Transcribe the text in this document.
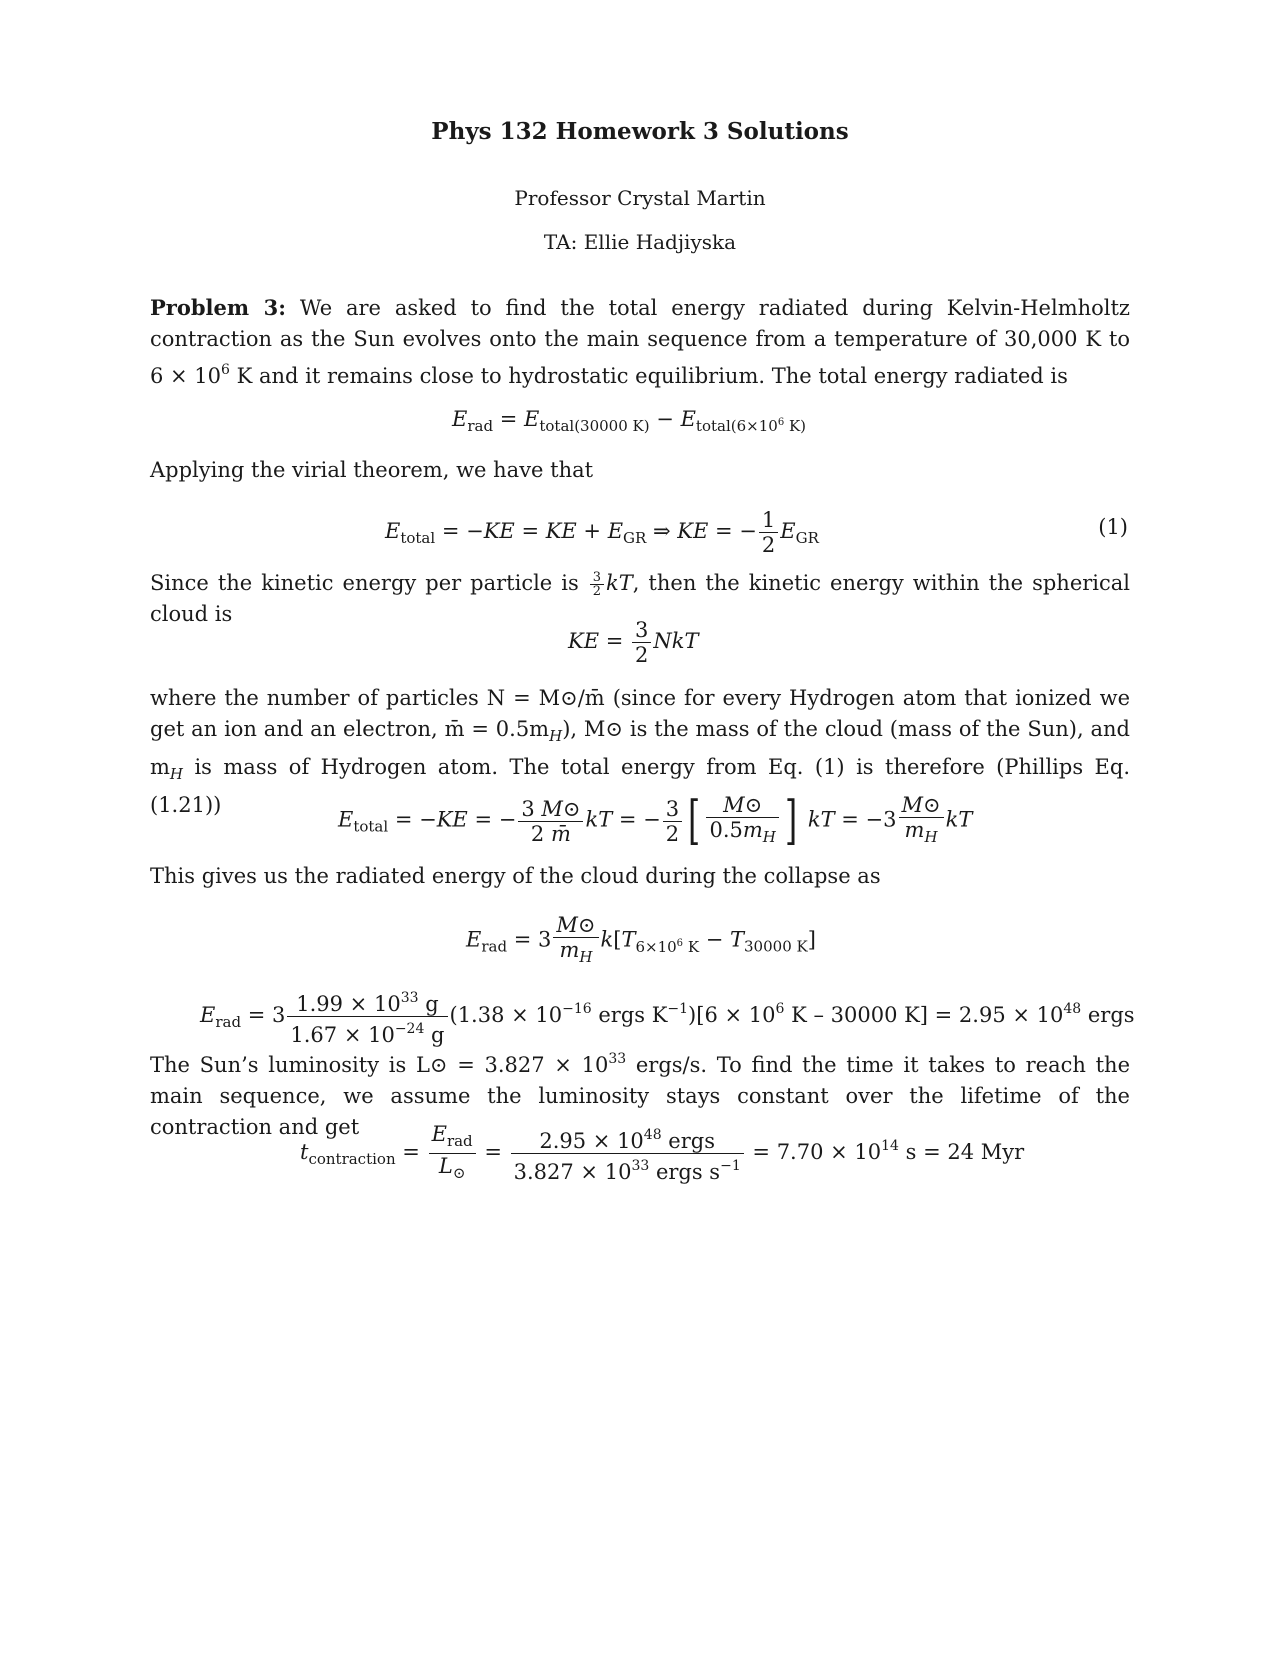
Phys 132 Homework 3 Solutions
Professor Crystal Martin
TA: Ellie Hadjiyska
Problem 3: We are asked to find the total energy radiated during Kelvin-Helmholtz contraction as the Sun evolves onto the main sequence from a temperature of 30,000 K to $6 \times 10^6$ K and it remains close to hydrostatic equilibrium. The total energy radiated is
$E_{rad} = E_{total(30000 K)} - E_{total(6\times 10^6 K)}$
Applying the virial theorem, we have that
$E_{total} = -KE$ = KE + $E_{GR}$ ⇒ KE = − $\frac{1}{2} E_{GR}$	(1)
Since the kinetic energy per particle is $\frac{3}{2}$ kT, then the kinetic energy within the spherical cloud is
KE = $\frac{3}{2}$ NkT
where the number of particles N = M⊙/m̄ (since for every Hydrogen atom that ionized we get an ion and an electron, m̄ = $0.5m_H$), M⊙ is the mass of the cloud (mass of the Sun), and $m_H$ is mass of Hydrogen atom. The total energy from Eq. (1) is therefore (Phillips Eq. (1.21))
$E_{total} = -KE$ = − $\frac{3 M⊙}{2 m̄}$ kT = − $\frac{3}{2}$ [ $\frac{M⊙}{0.5m_H}$ ] kT = $-3 \frac{M⊙}{m_H}$ kT
This gives us the radiated energy of the cloud during the collapse as
$E_{rad} = 3 \frac{M⊙}{m_H} k[T_{6\times 10^6 K} - T_{30000 K}]$
$E_{rad} = 3 \frac{1.99 \times 10^{33} g}{1.67 \times 10^{-24} g} (1.38 \times 10^{-16}$ ergs $K^{-1})[6 \times 10^6$ K – 30000 $K] = 2.95 \times 10^{48}$ ergs
The Sun’s luminosity is L⊙ = $3.827 \times 10^{33}$ ergs/s. To find the time it takes to reach the main sequence, we assume the luminosity stays constant over the lifetime of the contraction and get
$t_{contraction} = \frac{E_{rad}}{L_⊙} = \frac{2.95 \times 10^{48} ergs}{3.827 \times 10^{33} ergs s^{-1}} = 7.70 \times 10^{14}$ s = 24 Myr
